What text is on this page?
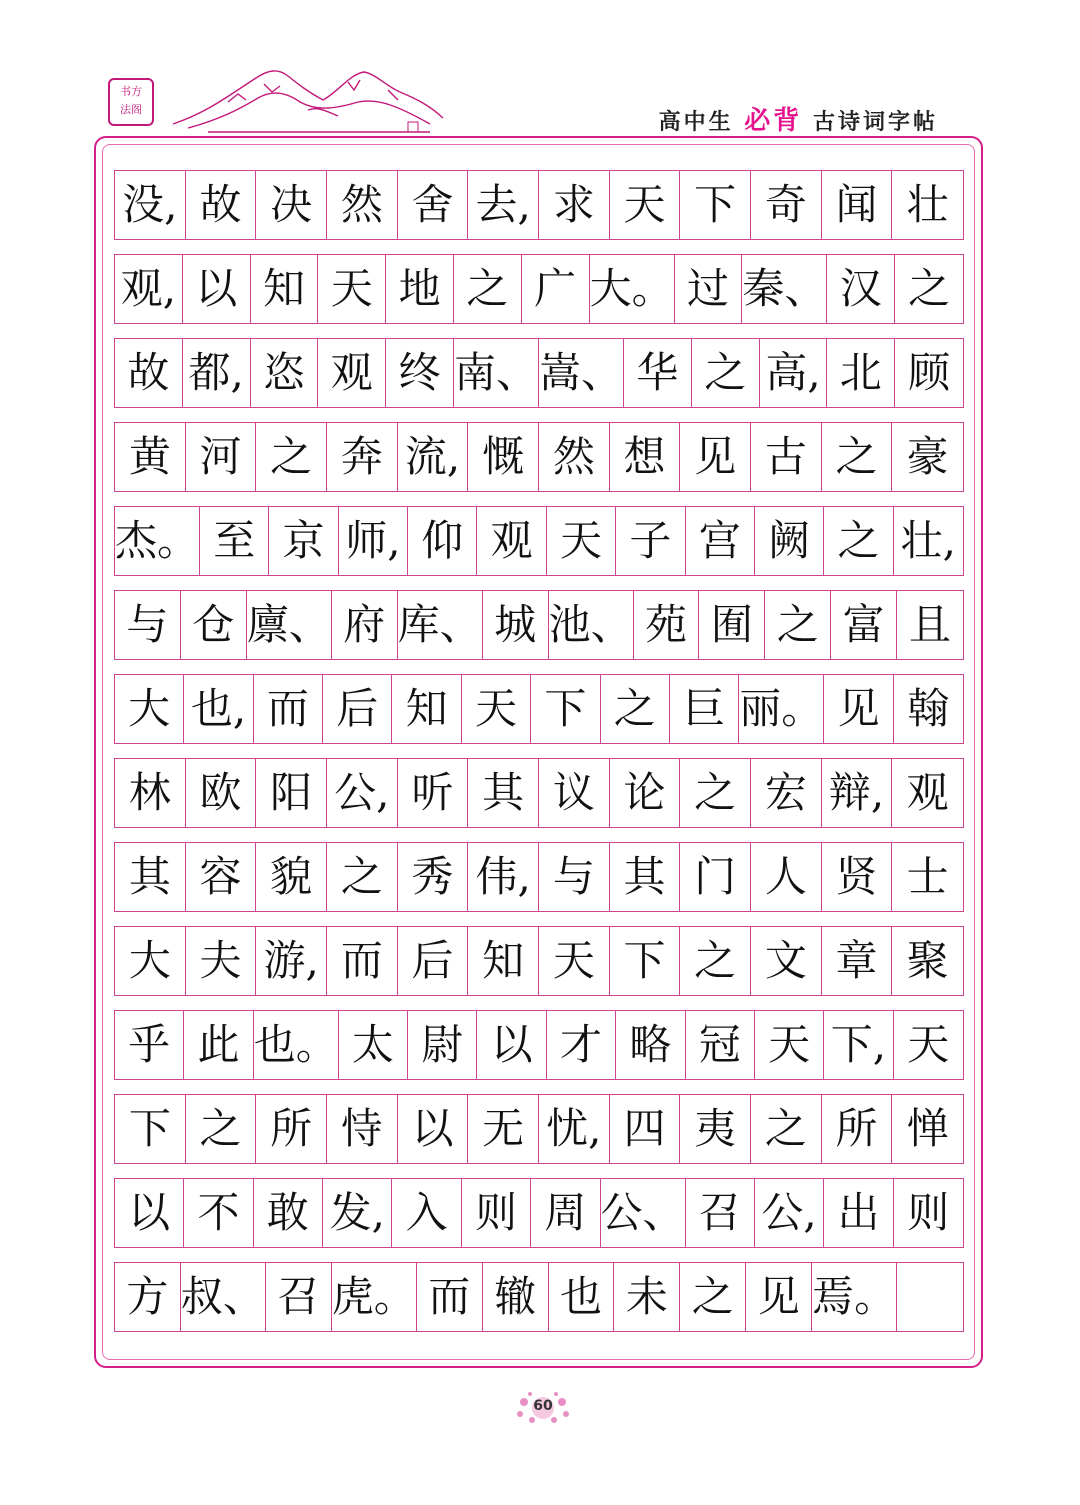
书方
法阁
高中生 必背 古诗词字帖
没, 故 决 然 舍 去, 求 天 下 奇 闻 壮
观, 以 知 天 地 之 广 大。 过 秦、 汉 之
故 都, 恣 观 终 南、 嵩、 华 之 高, 北 顾
黄 河 之 奔 流, 慨 然 想 见 古 之 豪
杰。 至 京 师, 仰 观 天 子 宫 阙 之 壮,
与 仓 廪、 府 库、 城 池、 苑 囿 之 富 且
大 也, 而 后 知 天 下 之 巨 丽。 见 翰
林 欧 阳 公, 听 其 议 论 之 宏 辩, 观
其 容 貌 之 秀 伟, 与 其 门 人 贤 士
大 夫 游, 而 后 知 天 下 之 文 章 聚
乎 此 也。 太 尉 以 才 略 冠 天 下, 天
下 之 所 恃 以 无 忧, 四 夷 之 所 惮
以 不 敢 发, 入 则 周 公、 召 公, 出 则
方 叔、 召 虎。 而 辙 也 未 之 见 焉。
60
